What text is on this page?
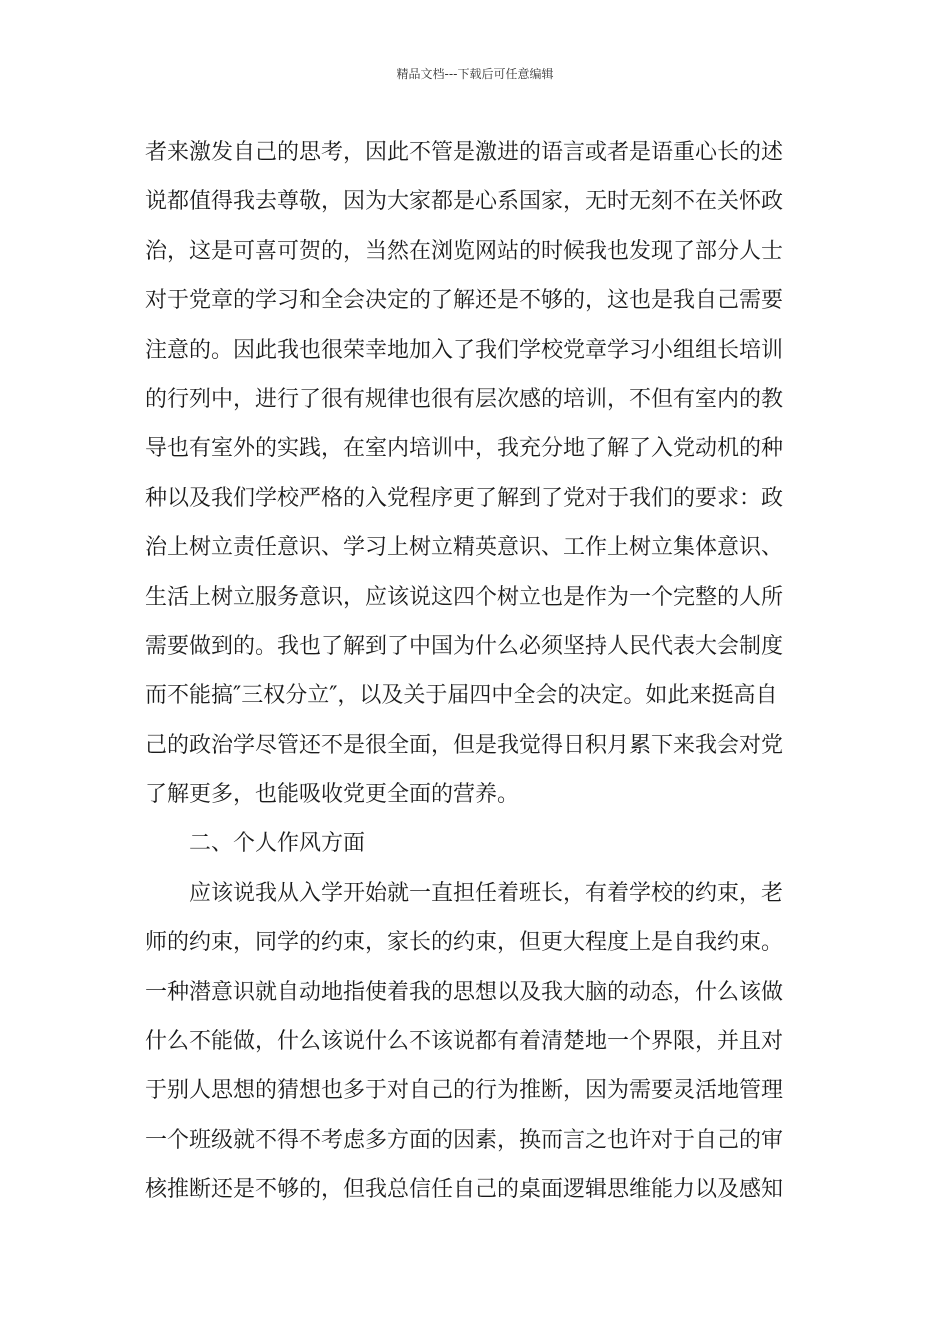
精品文档---下载后可任意编辑
者来激发自己的思考，因此不管是激进的语言或者是语重心长的述
说都值得我去尊敬，因为大家都是心系国家，无时无刻不在关怀政
治，这是可喜可贺的，当然在浏览网站的时候我也发现了部分人士
对于党章的学习和全会决定的了解还是不够的，这也是我自己需要
注意的。因此我也很荣幸地加入了我们学校党章学习小组组长培训
的行列中，进行了很有规律也很有层次感的培训，不但有室内的教
导也有室外的实践，在室内培训中，我充分地了解了入党动机的种
种以及我们学校严格的入党程序更了解到了党对于我们的要求：政
治上树立责任意识、学习上树立精英意识、工作上树立集体意识、
生活上树立服务意识，应该说这四个树立也是作为一个完整的人所
需要做到的。我也了解到了中国为什么必须坚持人民代表大会制度
而不能搞″三权分立″，以及关于届四中全会的决定。如此来挺高自
己的政治学尽管还不是很全面，但是我觉得日积月累下来我会对党
了解更多，也能吸收党更全面的营养。
二、个人作风方面
应该说我从入学开始就一直担任着班长，有着学校的约束，老
师的约束，同学的约束，家长的约束，但更大程度上是自我约束。
一种潜意识就自动地指使着我的思想以及我大脑的动态，什么该做
什么不能做，什么该说什么不该说都有着清楚地一个界限，并且对
于别人思想的猜想也多于对自己的行为推断，因为需要灵活地管理
一个班级就不得不考虑多方面的因素，换而言之也许对于自己的审
核推断还是不够的，但我总信任自己的桌面逻辑思维能力以及感知
